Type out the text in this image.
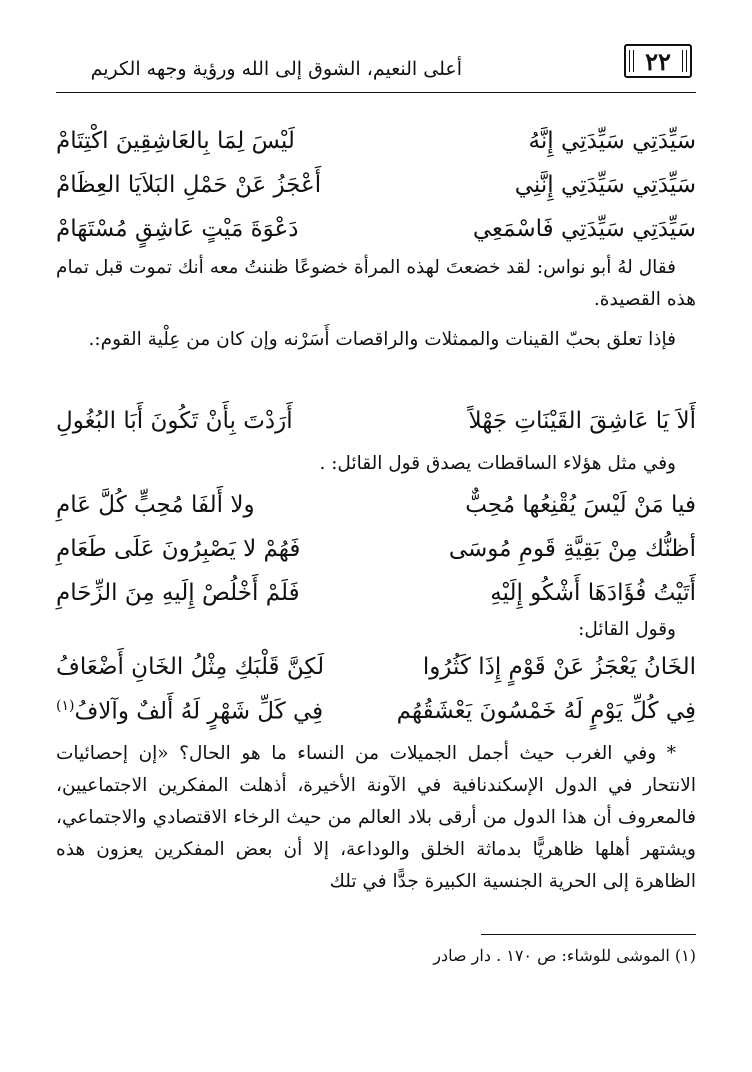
٢٢
أعلى النعيم، الشوق إلى الله ورؤية وجهه الكريم
سَيِّدَتِي سَيِّدَتِي إِنَّهُ
لَيْسَ لِمَا بِالعَاشِقِينَ اكْتِتَامْ
سَيِّدَتِي سَيِّدَتِي إِنَّنِي
أَعْجَزُ عَنْ حَمْلِ البَلاَيَا العِظَامْ
سَيِّدَتِي سَيِّدَتِي فَاسْمَعِي
دَعْوَةَ مَيْتٍ عَاشِقٍ مُسْتَهَامْ
فقال لهُ أبو نواس: لقد خضعتَ لهذه المرأة خضوعًا ظننتُ معه أنك تموت قبل تمام هذه القصيدة.
فإذا تعلق بحبّ القينات والممثلات والراقصات أَسَرْنه وإن كان من عِلْية القوم:.
أَلاَ يَا عَاشِقَ القَيْنَاتِ جَهْلاً
أَرَدْتَ بِأَنْ تَكُونَ أَبَا البُغُولِ
وفي مثل هؤلاء الساقطات يصدق قول القائل: .
فيا مَنْ لَيْسَ يُقْنِعُها مُحِبٌّ
ولا أَلفَا مُحِبٍّ كُلَّ عَامِ
أظنُّك مِنْ بَقِيَّةِ قَومِ مُوسَى
فَهُمْ لا يَصْبِرُونَ عَلَى طَعَامِ
أَتَيْتُ فُؤَادَهَا أَشْكُو إِلَيْهِ
فَلَمْ أَخْلُصْ إِلَيهِ مِنَ الزِّحَامِ
وقول القائل:
الخَانُ يَعْجَزُ عَنْ قَوْمٍ إِذَا كَثُرُوا
لَكِنَّ قَلْبَكِ مِثْلُ الخَانِ أَضْعَافُ
فِي كُلِّ يَوْمٍ لَهُ خَمْسُونَ يَعْشَقُهُم
فِي كَلِّ شَهْرٍ لَهُ أَلفٌ وآلافُ$^{(١)}$
* وفي الغرب حيث أجمل الجميلات من النساء ما هو الحال؟ «إن إحصائيات الانتحار في الدول الإسكندنافية في الآونة الأخيرة، أذهلت المفكرين الاجتماعيين، فالمعروف أن هذا الدول من أرقى بلاد العالم من حيث الرخاء الاقتصادي والاجتماعي، ويشتهر أهلها ظاهريًّا بدماثة الخلق والوداعة، إلا أن بعض المفكرين يعزون هذه الظاهرة إلى الحرية الجنسية الكبيرة جدًّا في تلك
(١) الموشى للوشاء: ص ١٧٠ . دار صادر
